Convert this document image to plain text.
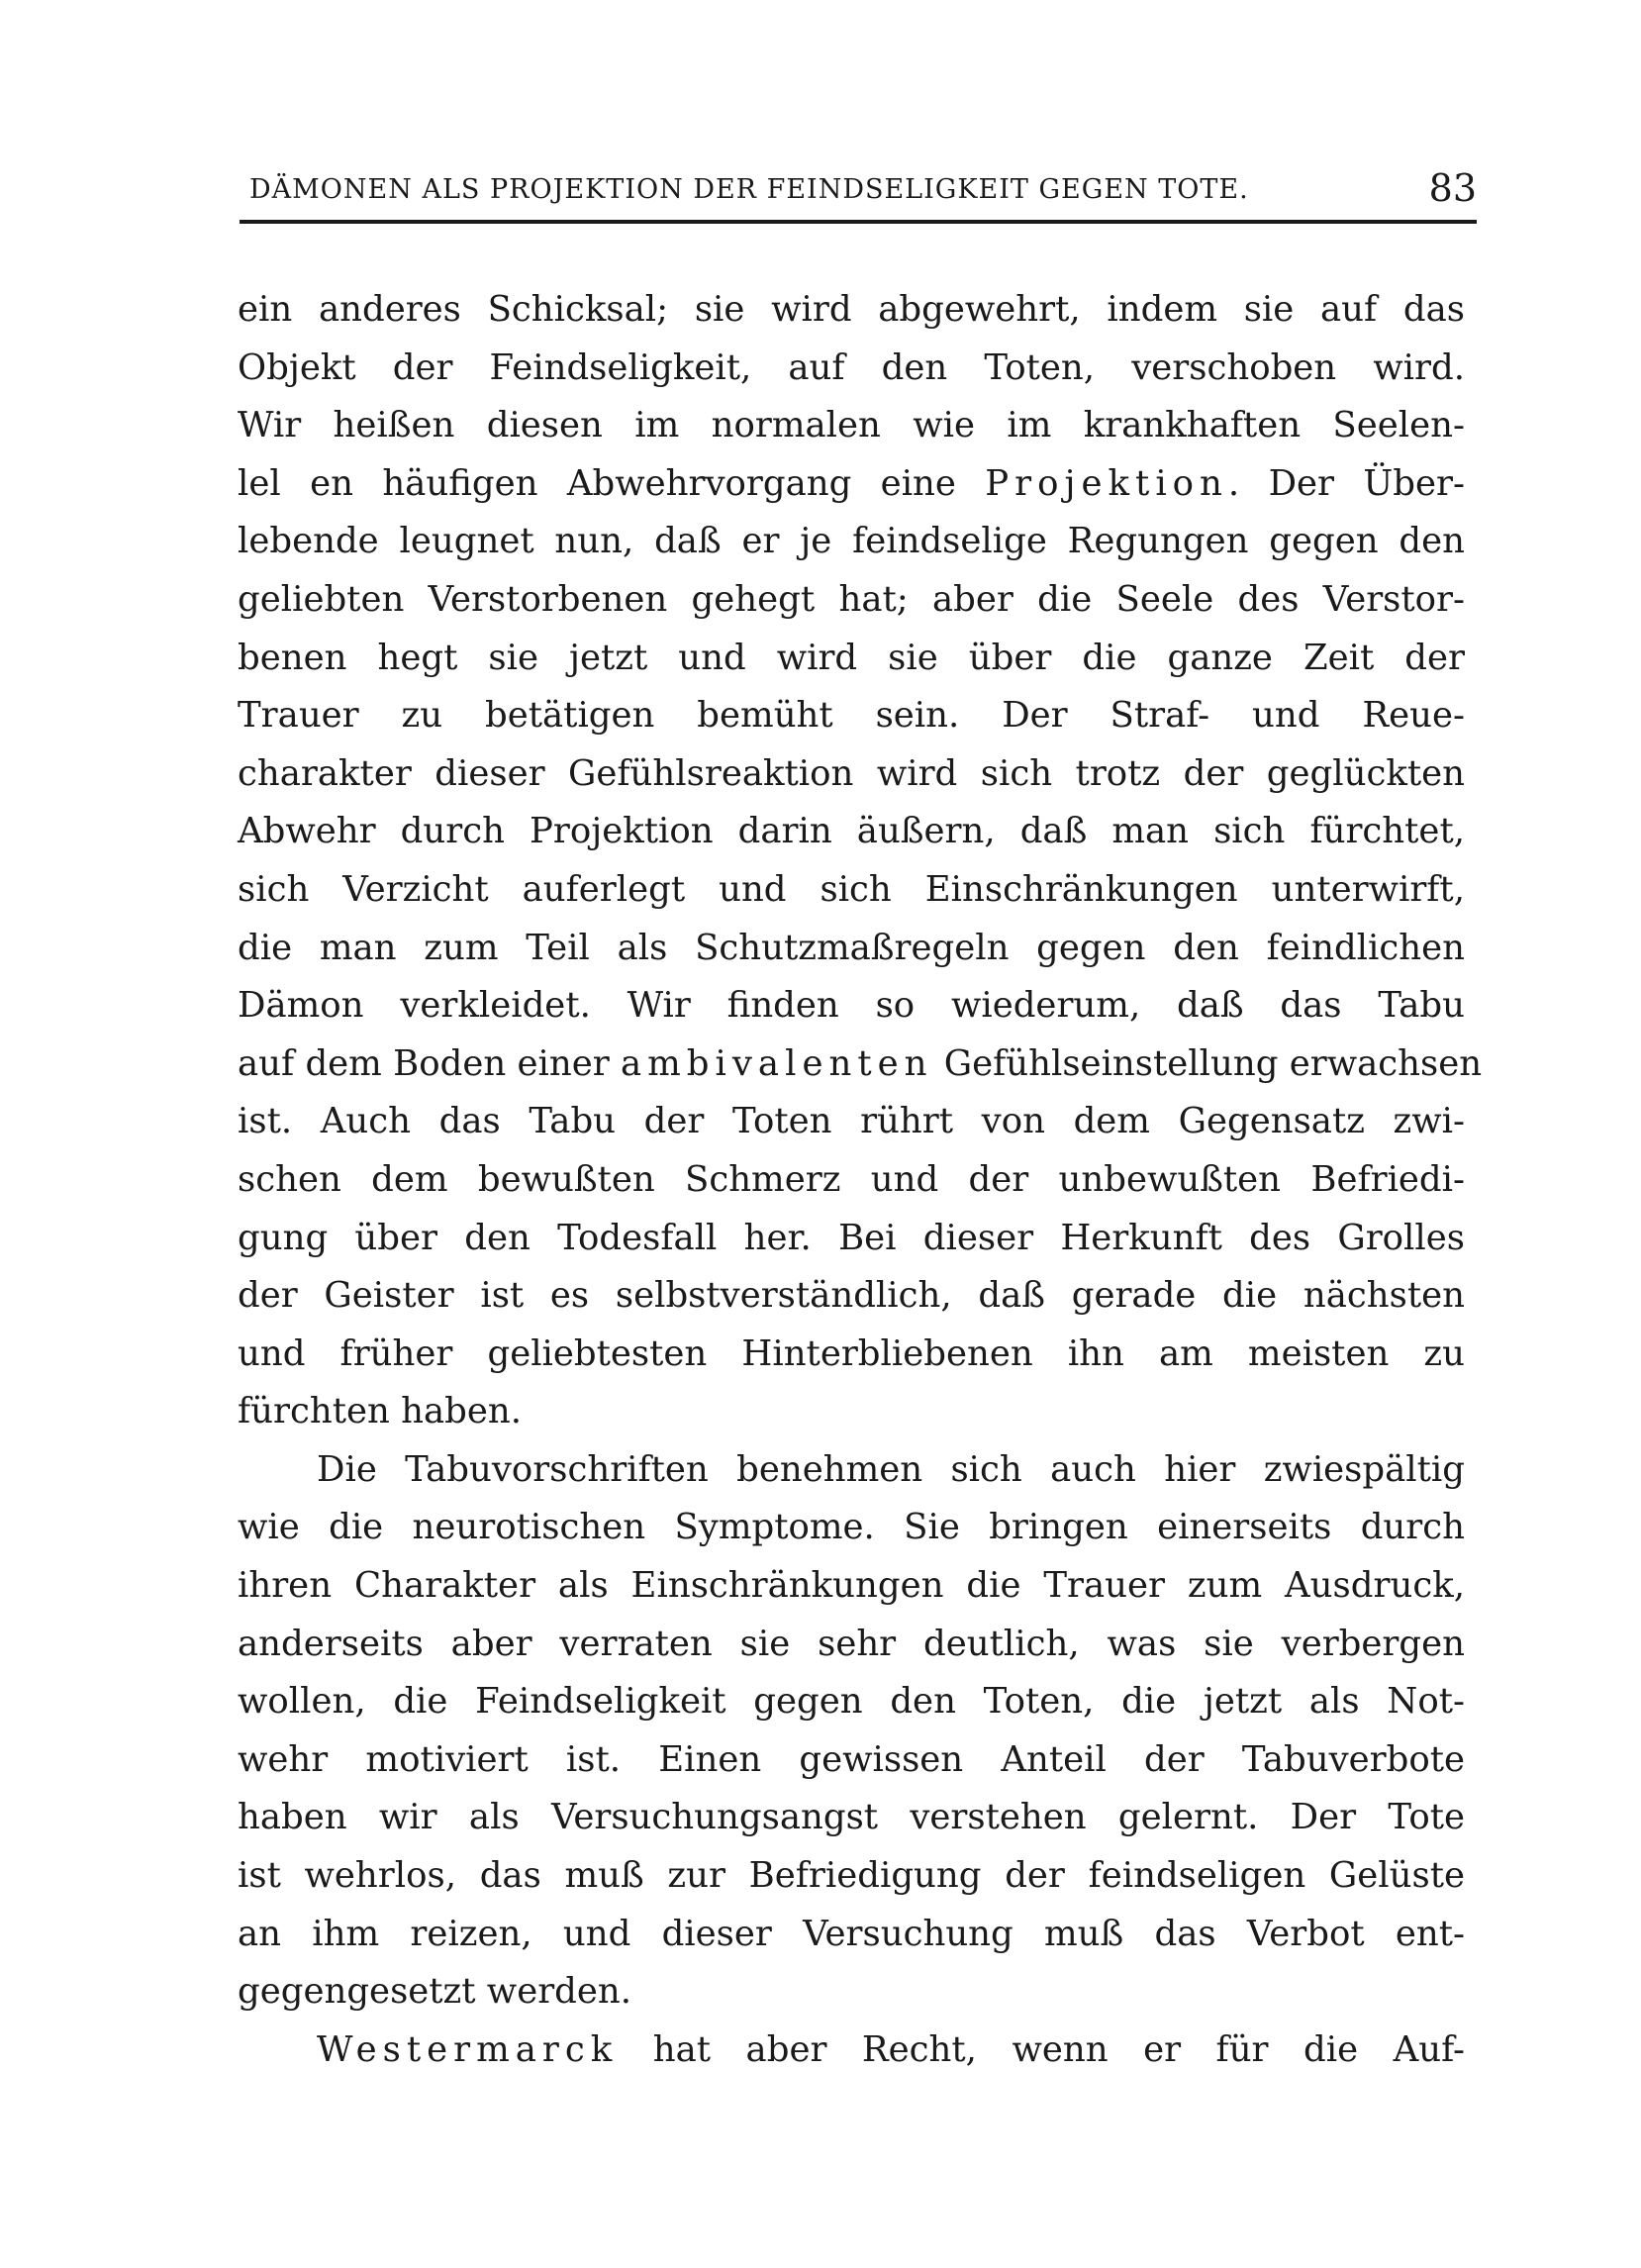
DÄMONEN ALS PROJEKTION DER FEINDSELIGKEIT GEGEN TOTE.	83
ein anderes Schicksal; sie wird abgewehrt, indem sie auf das
Objekt der Feindseligkeit, auf den Toten, verschoben wird.
Wir heißen diesen im normalen wie im krankhaften Seelen-
lel en häufigen Abwehrvorgang eine Projektion. Der Über-
lebende leugnet nun, daß er je feindselige Regungen gegen den
geliebten Verstorbenen gehegt hat; aber die Seele des Verstor-
benen hegt sie jetzt und wird sie über die ganze Zeit der
Trauer zu betätigen bemüht sein. Der Straf- und Reue-
charakter dieser Gefühlsreaktion wird sich trotz der geglückten
Abwehr durch Projektion darin äußern, daß man sich fürchtet,
sich Verzicht auferlegt und sich Einschränkungen unterwirft,
die man zum Teil als Schutzmaßregeln gegen den feindlichen
Dämon verkleidet. Wir finden so wiederum, daß das Tabu
auf dem Boden einer ambivalenten Gefühlseinstellung erwachsen
ist. Auch das Tabu der Toten rührt von dem Gegensatz zwi-
schen dem bewußten Schmerz und der unbewußten Befriedi-
gung über den Todesfall her. Bei dieser Herkunft des Grolles
der Geister ist es selbstverständlich, daß gerade die nächsten
und früher geliebtesten Hinterbliebenen ihn am meisten zu
fürchten haben.
Die Tabuvorschriften benehmen sich auch hier zwiespältig
wie die neurotischen Symptome. Sie bringen einerseits durch
ihren Charakter als Einschränkungen die Trauer zum Ausdruck,
anderseits aber verraten sie sehr deutlich, was sie verbergen
wollen, die Feindseligkeit gegen den Toten, die jetzt als Not-
wehr motiviert ist. Einen gewissen Anteil der Tabuverbote
haben wir als Versuchungsangst verstehen gelernt. Der Tote
ist wehrlos, das muß zur Befriedigung der feindseligen Gelüste
an ihm reizen, und dieser Versuchung muß das Verbot ent-
gegengesetzt werden.
Westermarck hat aber Recht, wenn er für die Auf-
